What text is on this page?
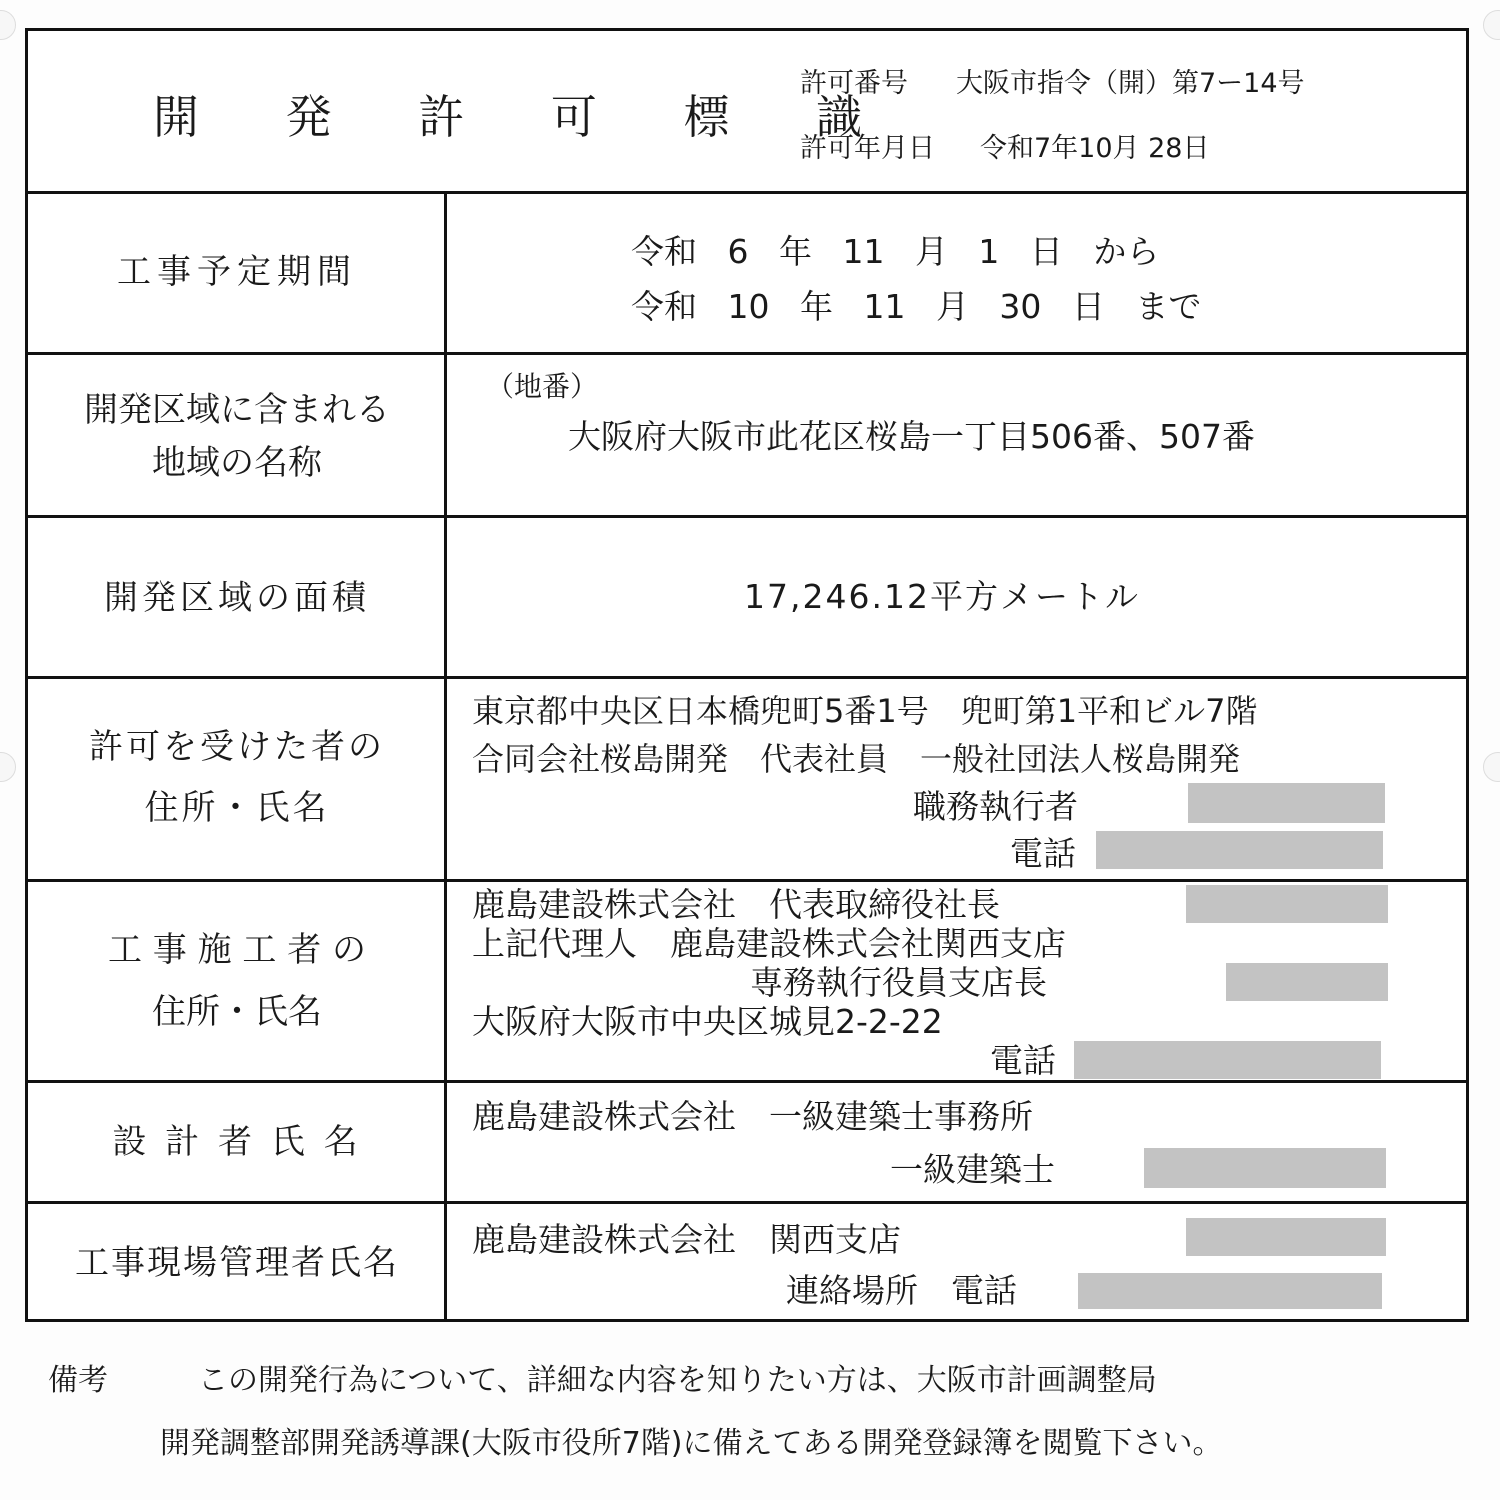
開 発 許 可 標 識
許可番号 大阪市指令（開）第7ー14号
許可年月日 令和7年10月 28日
工事予定期間
令和 6 年 11 月 1 日 から
令和 10 年 11 月 30 日 まで
開発区域に含まれる
地域の名称
（地番）
大阪府大阪市此花区桜島一丁目506番、507番
開発区域の面積	17,246.12平方メートル
許可を受けた者の
住所・氏名
東京都中央区日本橋兜町5番1号　兜町第1平和ビル7階
合同会社桜島開発　代表社員　一般社団法人桜島開発
職務執行者
電話
工 事 施 工 者 の
住所・氏名
鹿島建設株式会社　代表取締役社長
上記代理人　鹿島建設株式会社関西支店
専務執行役員支店長
大阪府大阪市中央区城見2-2-22
電話
設 計 者 氏 名
鹿島建設株式会社　一級建築士事務所
一級建築士
工事現場管理者氏名
鹿島建設株式会社　関西支店
連絡場所　電話
備考	この開発行為について、詳細な内容を知りたい方は、大阪市計画調整局
開発調整部開発誘導課(大阪市役所7階)に備えてある開発登録簿を閲覧下さい。
